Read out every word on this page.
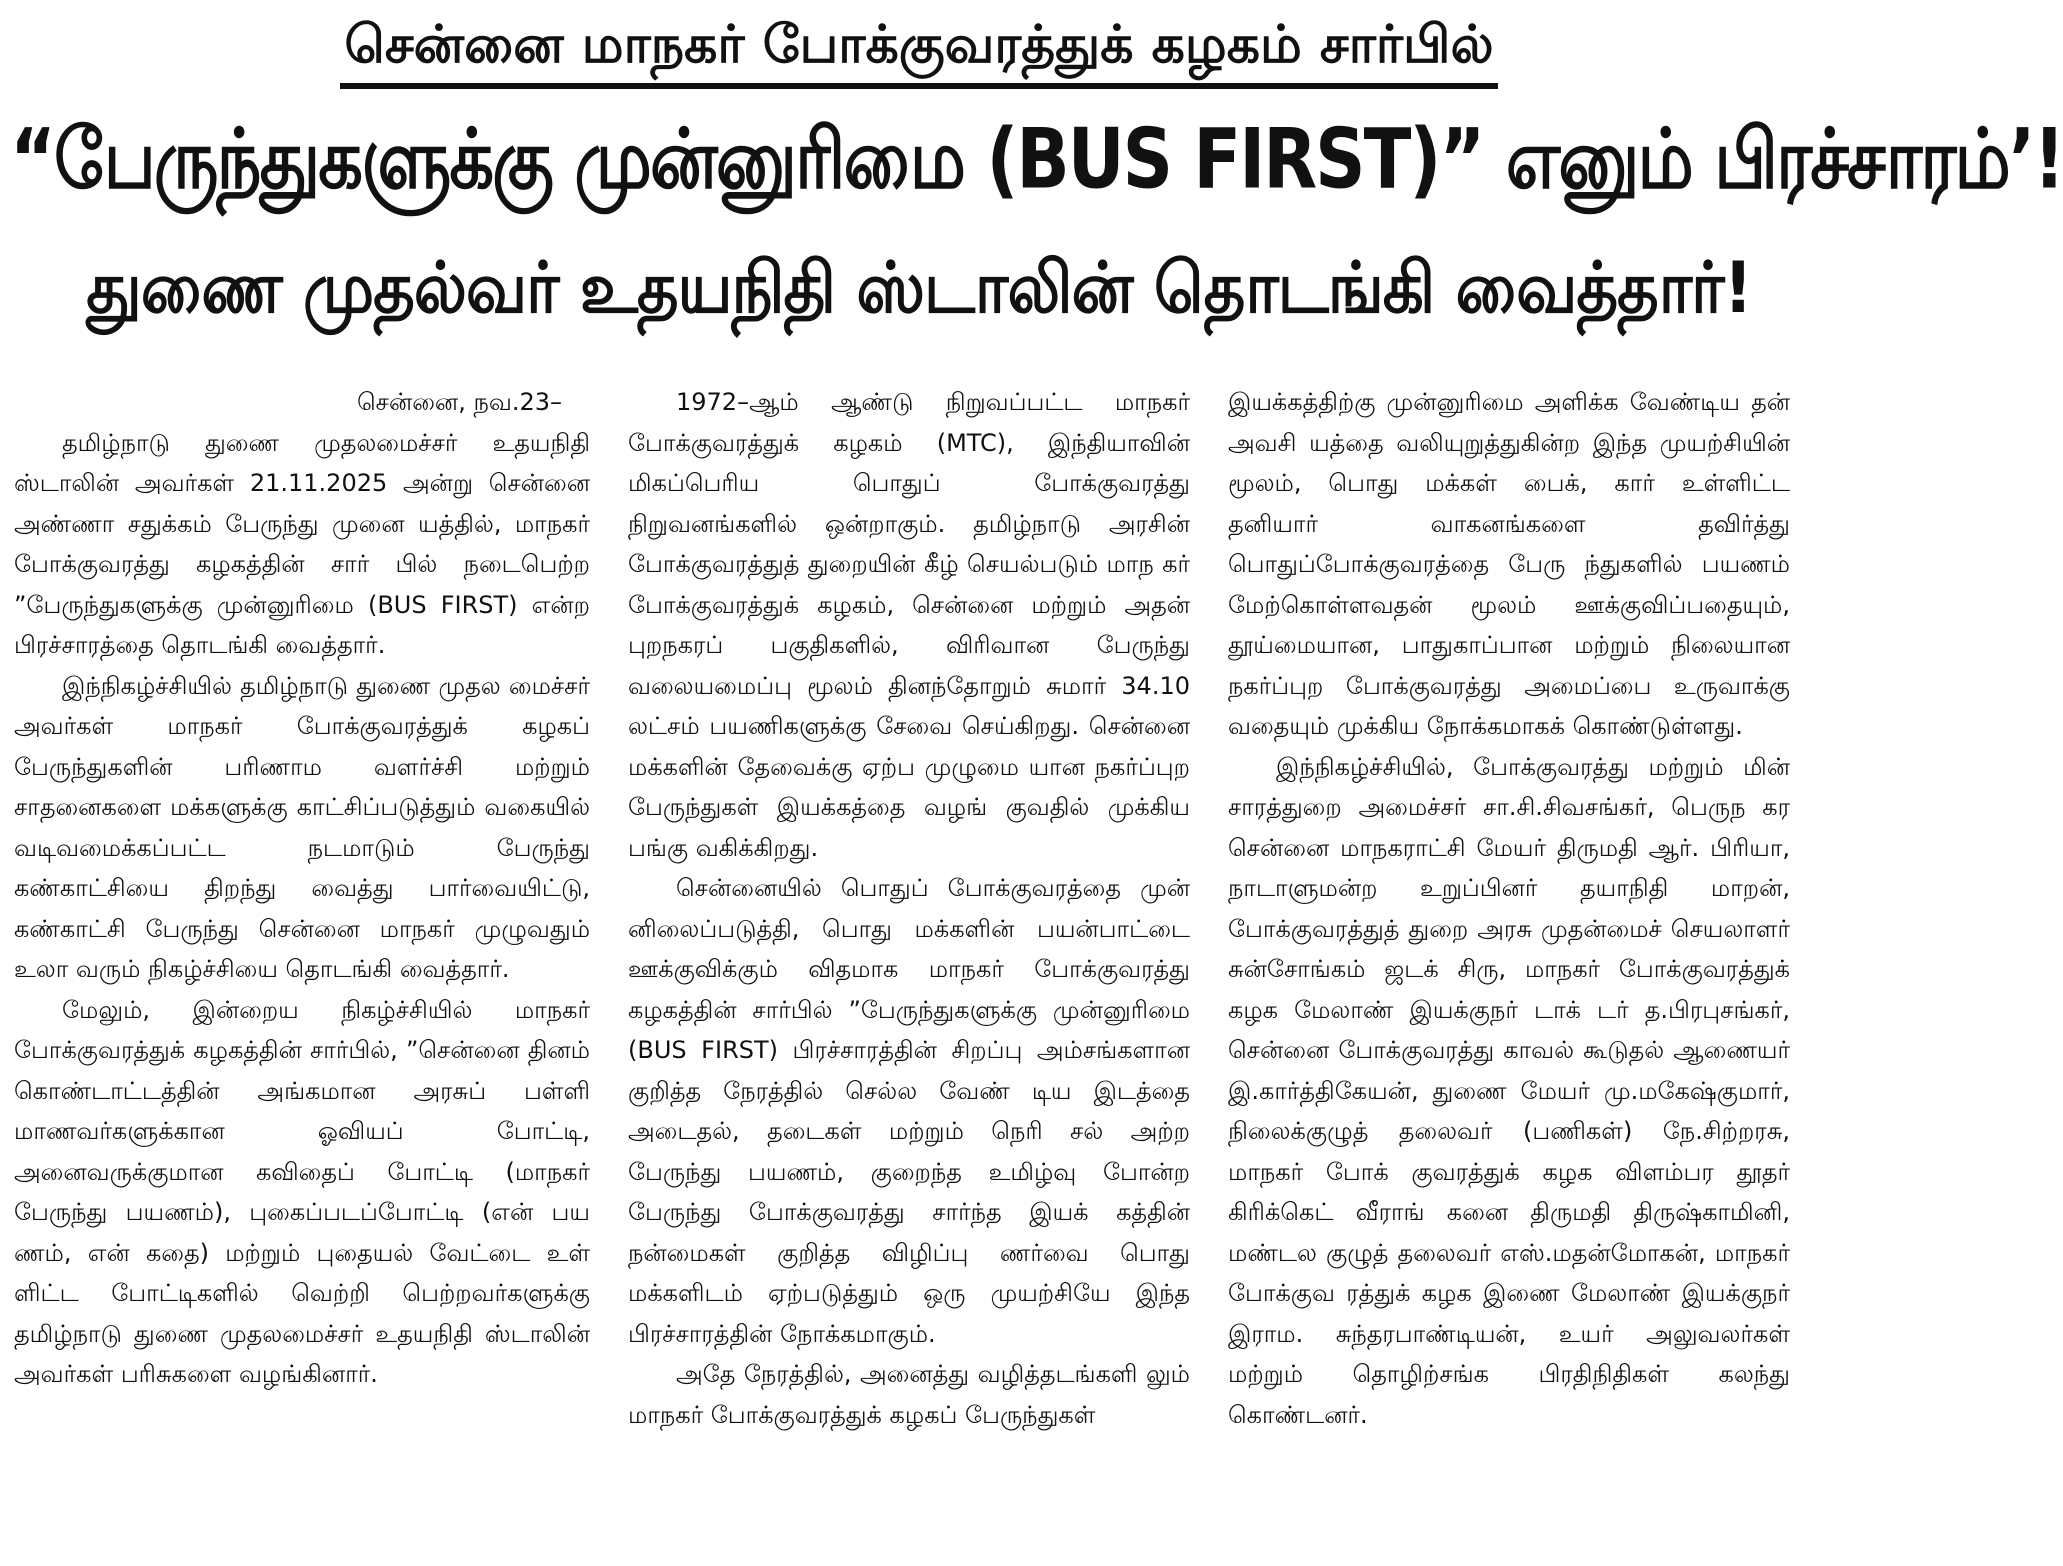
சென்னை மாநகர் போக்குவரத்துக் கழகம் சார்பில்
“பேருந்துகளுக்கு முன்னுரிமை (BUS FIRST)” எனும் பிரச்சாரம்’!
துணை முதல்வர் உதயநிதி ஸ்டாலின் தொடங்கி வைத்தார்!
சென்னை, நவ.23–

தமிழ்நாடு துணை முதலமைச்சர் உதயநிதி ஸ்டாலின் அவர்கள் 21.11.2025 அன்று சென்னை அண்ணா சதுக்கம் பேருந்து முனை யத்தில், மாநகர் போக்குவரத்து கழகத்தின் சார் பில் நடைபெற்ற ”பேருந்துகளுக்கு முன்னுரிமை (BUS FIRST) என்ற பிரச்சாரத்தை தொடங்கி வைத்தார்.

இந்நிகழ்ச்சியில் தமிழ்நாடு துணை முதல மைச்சர் அவர்கள் மாநகர் போக்குவரத்துக் கழகப் பேருந்துகளின் பரிணாம வளர்ச்சி மற்றும் சாதனைகளை மக்களுக்கு காட்சிப்படுத்தும் வகையில் வடிவமைக்கப்பட்ட நடமாடும் பேருந்து கண்காட்சியை திறந்து வைத்து பார்வையிட்டு, கண்காட்சி பேருந்து சென்னை மாநகர் முழுவதும் உலா வரும் நிகழ்ச்சியை தொடங்கி வைத்தார்.

மேலும், இன்றைய நிகழ்ச்சியில் மாநகர் போக்குவரத்துக் கழகத்தின் சார்பில், ”சென்னை தினம் கொண்டாட்டத்தின் அங்கமான அரசுப் பள்ளி மாணவர்களுக்கான ஓவியப் போட்டி, அனைவருக்குமான கவிதைப் போட்டி (மாநகர் பேருந்து பயணம்), புகைப்படப்போட்டி (என் பய ணம், என் கதை) மற்றும் புதையல் வேட்டை உள் ளிட்ட போட்டிகளில் வெற்றி பெற்றவர்களுக்கு தமிழ்நாடு துணை முதலமைச்சர் உதயநிதி ஸ்டாலின் அவர்கள் பரிசுகளை வழங்கினார்.

1972–ஆம் ஆண்டு நிறுவப்பட்ட மாநகர் போக்குவரத்துக் கழகம் (MTC), இந்தியாவின் மிகப்பெரிய பொதுப் போக்குவரத்து நிறுவனங்களில் ஒன்றாகும். தமிழ்நாடு அரசின் போக்குவரத்துத் துறையின் கீழ் செயல்படும் மாந கர் போக்குவரத்துக் கழகம், சென்னை மற்றும் அதன் புறநகரப் பகுதிகளில், விரிவான பேருந்து வலையமைப்பு மூலம் தினந்தோறும் சுமார் 34.10 லட்சம் பயணிகளுக்கு சேவை செய்கிறது. சென்னை மக்களின் தேவைக்கு ஏற்ப முழுமை யான நகர்ப்புற பேருந்துகள் இயக்கத்தை வழங் குவதில் முக்கிய பங்கு வகிக்கிறது.

சென்னையில் பொதுப் போக்குவரத்தை முன் னிலைப்படுத்தி, பொது மக்களின் பயன்பாட்டை ஊக்குவிக்கும் விதமாக மாநகர் போக்குவரத்து கழகத்தின் சார்பில் ”பேருந்துகளுக்கு முன்னுரிமை (BUS FIRST) பிரச்சாரத்தின் சிறப்பு அம்சங்களான குறித்த நேரத்தில் செல்ல வேண் டிய இடத்தை அடைதல், தடைகள் மற்றும் நெரி சல் அற்ற பேருந்து பயணம், குறைந்த உமிழ்வு போன்ற பேருந்து போக்குவரத்து சார்ந்த இயக் கத்தின் நன்மைகள் குறித்த விழிப்பு ணர்வை பொது மக்களிடம் ஏற்படுத்தும் ஒரு முயற்சியே இந்த பிரச்சாரத்தின் நோக்கமாகும்.

அதே நேரத்தில், அனைத்து வழித்தடங்களி லும் மாநகர் போக்குவரத்துக் கழகப் பேருந்துகள்

இயக்கத்திற்கு முன்னுரிமை அளிக்க வேண்டிய தன் அவசி யத்தை வலியுறுத்துகின்ற இந்த முயற்சியின் மூலம், பொது மக்கள் பைக், கார் உள்ளிட்ட தனியார் வாகனங்களை தவிர்த்து பொதுப்போக்குவரத்தை பேரு ந்துகளில் பயணம் மேற்கொள்ளவதன் மூலம் ஊக்குவிப்பதையும், தூய்மையான, பாதுகாப்பான மற்றும் நிலையான நகர்ப்புற போக்குவரத்து அமைப்பை உருவாக்கு வதையும் முக்கிய நோக்கமாகக் கொண்டுள்ளது.

இந்நிகழ்ச்சியில், போக்குவரத்து மற்றும் மின் சாரத்துறை அமைச்சர் சா.சி.சிவசங்கர், பெருந கர சென்னை மாநகராட்சி மேயர் திருமதி ஆர். பிரியா, நாடாளுமன்ற உறுப்பினர் தயாநிதி மாறன், போக்குவரத்துத் துறை அரசு முதன்மைச் செயலாளர் சுன்சோங்கம் ஜடக் சிரு, மாநகர் போக்குவரத்துக் கழக மேலாண் இயக்குநர் டாக் டர் த.பிரபுசங்கர், சென்னை போக்குவரத்து காவல் கூடுதல் ஆணையர் இ.கார்த்திகேயன், துணை மேயர் மு.மகேஷ்குமார், நிலைக்குழுத் தலைவர் (பணிகள்) நே.சிற்றரசு, மாநகர் போக் குவரத்துக் கழக விளம்பர தூதர் கிரிக்கெட் வீராங் கனை திருமதி திருஷ்காமினி, மண்டல குழுத் தலைவர் எஸ்.மதன்மோகன், மாநகர் போக்குவ ரத்துக் கழக இணை மேலாண் இயக்குநர் இராம. சுந்தரபாண்டியன், உயர் அலுவலர்கள் மற்றும் தொழிற்சங்க பிரதிநிதிகள் கலந்து கொண்டனர்.
